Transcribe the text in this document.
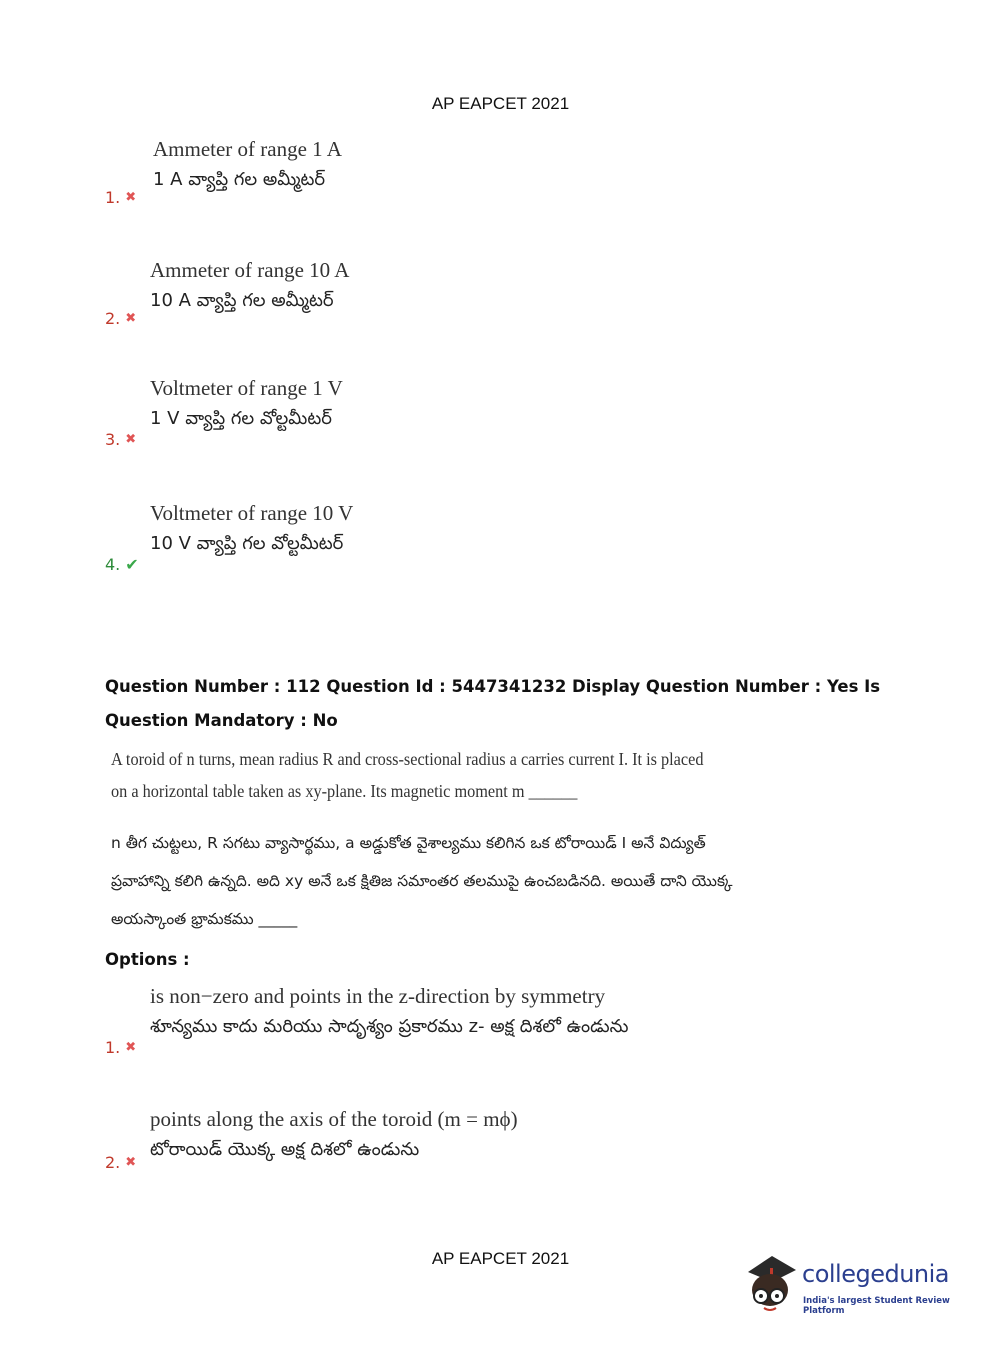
AP EAPCET 2021
Ammeter of range 1 A
1 A వ్యాప్తి గల అమ్మీటర్
1. ✖
Ammeter of range 10 A
10 A వ్యాప్తి గల అమ్మీటర్
2. ✖
Voltmeter of range 1 V
1 V వ్యాప్తి గల వోల్టమీటర్
3. ✖
Voltmeter of range 10 V
10 V వ్యాప్తి గల వోల్టమీటర్
4. ✔
Question Number : 112 Question Id : 5447341232 Display Question Number : Yes Is Question Mandatory : No
A toroid of n turns, mean radius R and cross-sectional radius a carries current I. It is placed on a horizontal table taken as xy-plane. Its magnetic moment m ______
n తీగ చుట్టలు, R సగటు వ్యాసార్థము, a అడ్డుకోత వైశాల్యము కలిగిన ఒక టోరాయిడ్ I అనే విద్యుత్ ప్రవాహాన్ని కలిగి ఉన్నది. అది xy అనే ఒక క్షితిజ సమాంతర తలముపై ఉంచబడినది. అయితే దాని యొక్క అయస్కాంత భ్రామకము _____
Options :
is non−zero and points in the z-direction by symmetry
శూన్యము కాదు మరియు సాదృశ్యం ప్రకారము z- అక్ష దిశలో ఉండును
1. ✖
points along the axis of the toroid (m = mϕ)
టోరాయిడ్ యొక్క అక్ష దిశలో ఉండును
2. ✖
AP EAPCET 2021
collegedunia
India's largest Student Review Platform
